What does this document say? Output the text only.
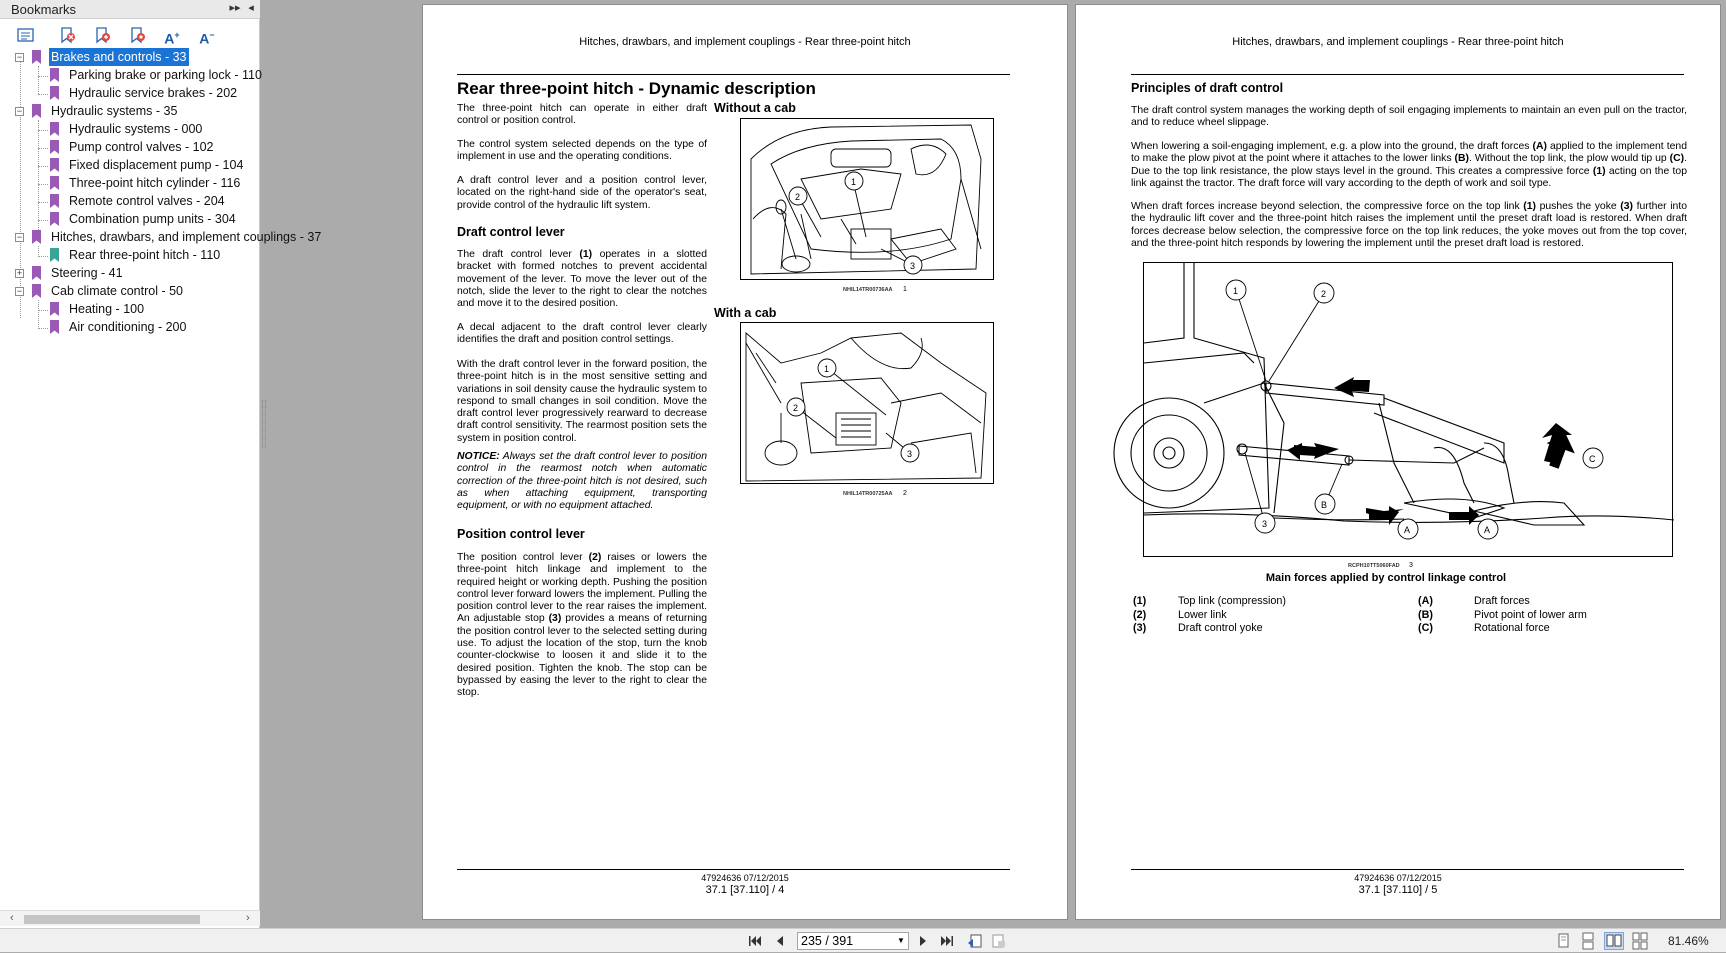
Bookmarks	▸▸ ◂
A+ A−
−
−
−
+
−
Brakes and controls - 33
Parking brake or parking lock - 110
Hydraulic service brakes - 202
Hydraulic systems - 35
Hydraulic systems - 000
Pump control valves - 102
Fixed displacement pump - 104
Three-point hitch cylinder - 116
Remote control valves - 204
Combination pump units - 304
Hitches, drawbars, and implement couplings - 37
Rear three-point hitch - 110
Steering - 41
Cab climate control - 50
Heating - 100
Air conditioning - 200
‹	›
Hitches, drawbars, and implement couplings - Rear three-point hitch
Rear three-point hitch - Dynamic description
The three-point hitch can operate in either draft control or position control.
The control system selected depends on the type of implement in use and the operating conditions.
A draft control lever and a position control lever, located on the right-hand side of the operator's seat, provide control of the hydraulic lift system.
Draft control lever
The draft control lever (1) operates in a slotted bracket with formed notches to prevent accidental movement of the lever. To move the lever out of the notch, slide the lever to the right to clear the notches and move it to the desired position.
A decal adjacent to the draft control lever clearly identifies the draft and position control settings.
With the draft control lever in the forward position, the three-point hitch is in the most sensitive setting and variations in soil density cause the hydraulic system to respond to small changes in soil condition. Move the draft control lever progressively rearward to decrease draft control sensitivity. The rearmost position sets the system in position control.
NOTICE: Always set the draft control lever to position control in the rearmost notch when automatic correction of the three-point hitch is not desired, such as when attaching equipment, transporting equipment, or with no equipment attached.
Position control lever
The position control lever (2) raises or lowers the three-point hitch linkage and implement to the required height or working depth. Pushing the position control lever forward lowers the implement. Pulling the position control lever to the rear raises the implement. An adjustable stop (3) provides a means of returning the position control lever to the selected setting during use. To adjust the location of the stop, turn the knob counter-clockwise to loosen it and slide it to the desired position. Tighten the knob. The stop can be bypassed by easing the lever to the right to clear the stop.
Without a cab
1
2
3
NHIL14TR00736AA 1
With a cab
1
2
3
NHIL14TR00725AA 2
47924636 07/12/2015
37.1 [37.110] / 4
Hitches, drawbars, and implement couplings - Rear three-point hitch
Principles of draft control
The draft control system manages the working depth of soil engaging implements to maintain an even pull on the tractor, and to reduce wheel slippage.
When lowering a soil-engaging implement, e.g. a plow into the ground, the draft forces (A) applied to the implement tend to make the plow pivot at the point where it attaches to the lower links (B). Without the top link, the plow would tip up (C). Due to the top link resistance, the plow stays level in the ground. This creates a compressive force (1) acting on the top link against the tractor. The draft force will vary according to the depth of work and soil type.
When draft forces increase beyond selection, the compressive force on the top link (1) pushes the yoke (3) further into the hydraulic lift cover and the three-point hitch raises the implement until the preset draft load is restored. When draft forces decrease below selection, the compressive force on the top link reduces, the yoke moves out from the top cover, and the three-point hitch responds by lowering the implement until the preset draft load is restored.
1	2
3
B
A	A
C
RCPH10TT5060FAD 3
Main forces applied by control linkage control
(1)	Top link (compression)	(A)	Draft forces
(2)	Lower link	(B)	Pivot point of lower arm
(3)	Draft control yoke	(C)	Rotational force
47924636 07/12/2015
37.1 [37.110] / 5
235 / 391	▼	81.46%
